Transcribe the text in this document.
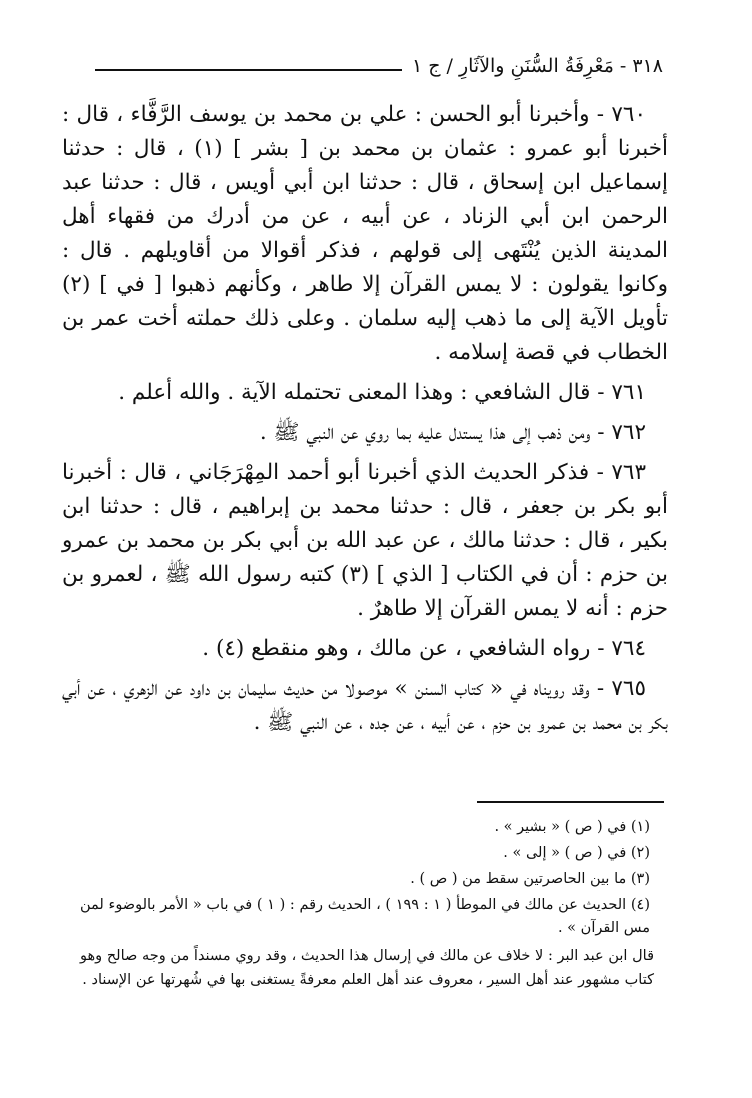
٣١٨ - مَعْرِفَةُ السُّنَنِ والآثَارِ / ج ١

٧٦٠ - وأخبرنا أبو الحسن : علي بن محمد بن يوسف الرَّفَّاء ، قال : أخبرنا أبو عمرو : عثمان بن محمد بن [ بشر ] (١) ، قال : حدثنا إسماعيل ابن إسحاق ، قال : حدثنا ابن أبي أويس ، قال : حدثنا عبد الرحمن ابن أبي الزناد ، عن أبيه ، عن من أدرك من فقهاء أهل المدينة الذين يُنْتَهى إلى قولهم ، فذكر أقوالا من أقاويلهم . قال : وكانوا يقولون : لا يمس القرآن إلا طاهر ، وكأنهم ذهبوا [ في ] (٢) تأويل الآية إلى ما ذهب إليه سلمان . وعلى ذلك حملته أخت عمر بن الخطاب في قصة إسلامه .

٧٦١ - قال الشافعي : وهذا المعنى تحتمله الآية . والله أعلم .

٧٦٢ - ومن ذهب إلى هذا يستدل عليه بما روي عن النبي ﷺ .

٧٦٣ - فذكر الحديث الذي أخبرنا أبو أحمد المِهْرَجَاني ، قال : أخبرنا أبو بكر بن جعفر ، قال : حدثنا محمد بن إبراهيم ، قال : حدثنا ابن بكير ، قال : حدثنا مالك ، عن عبد الله بن أبي بكر بن محمد بن عمرو بن حزم : أن في الكتاب [ الذي ] (٣) كتبه رسول الله ﷺ ، لعمرو بن حزم : أنه لا يمس القرآن إلا طاهرٌ .

٧٦٤ - رواه الشافعي ، عن مالك ، وهو منقطع (٤) .

٧٦٥ - وقد رويناه في « كتاب السنن » موصولا من حديث سليمان بن داود عن الزهري ، عن أبي بكر بن محمد بن عمرو بن حزم ، عن أبيه ، عن جده ، عن النبي ﷺ .

(١) في ( ص ) « بشير » .

(٢) في ( ص ) « إلى » .

(٣) ما بين الحاصرتين سقط من ( ص ) .

(٤) الحديث عن مالك في الموطأ ( ١ : ١٩٩ ) ، الحديث رقم : ( ١ ) في باب « الأمر بالوضوء لمن مس القرآن » .

قال ابن عبد البر : لا خلاف عن مالك في إرسال هذا الحديث ، وقد روي مسنداً من وجه صالح وهو كتاب مشهور عند أهل السير ، معروف عند أهل العلم معرفةً يستغنى بها في شُهرتها عن الإسناد .
